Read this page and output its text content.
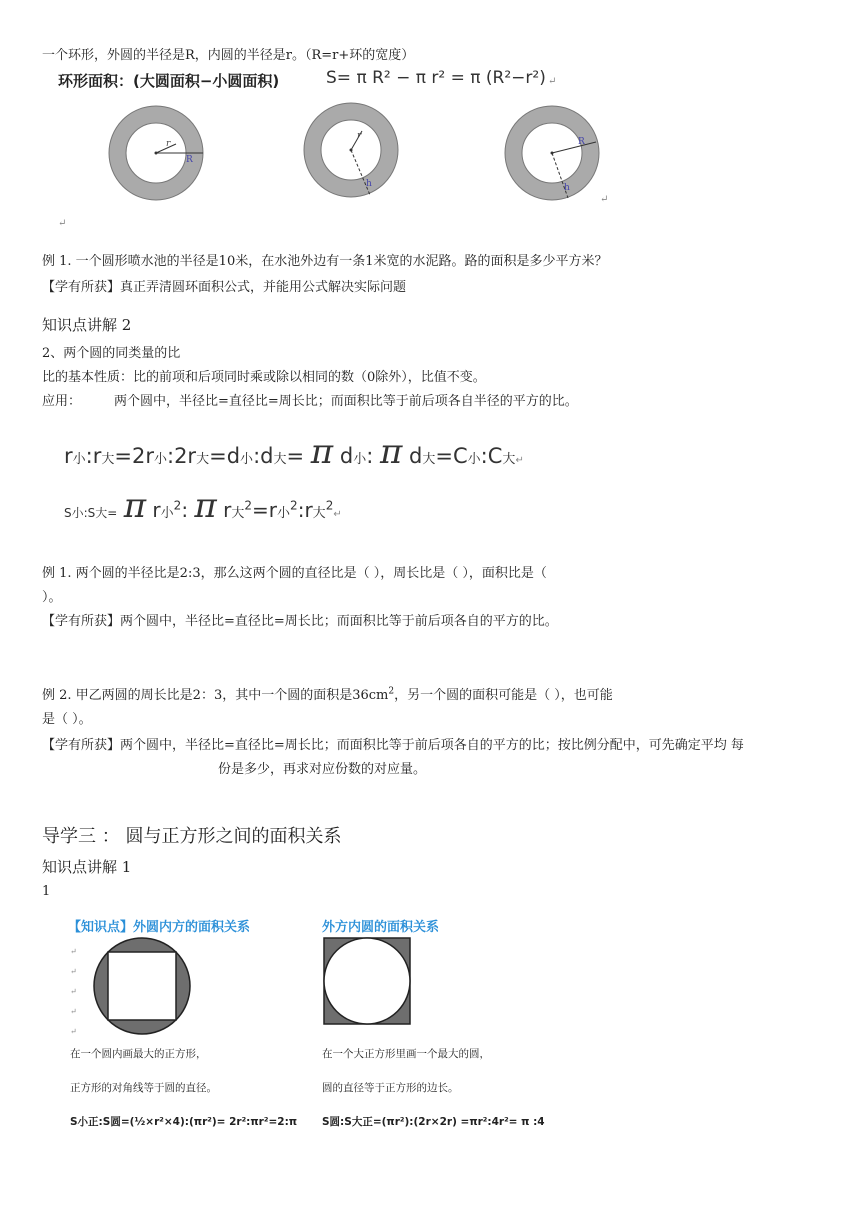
一个环形，外圆的半径是R，内圆的半径是r。（R=r+环的宽度）
环形面积：(大圆面积−小圆面积)	S= π R² − π r² = π (R²−r²) ↵
r
R
r
h
R
h
↵
↵
例 1. 一个圆形喷水池的半径是10米，在水池外边有一条1米宽的水泥路。路的面积是多少平方米？
【学有所获】真正弄清圆环面积公式，并能用公式解决实际问题
知识点讲解 2
2、两个圆的同类量的比
比的基本性质：比的前项和后项同时乘或除以相同的数（0除外），比值不变。
应用：	两个圆中，半径比=直径比=周长比；而面积比等于前后项各自半径的平方的比。
r小:r大=2r小:2r大=d小:d大= π d小: π d大=C小:C大↵
S小:S大= π r小$^2$: π r大$^2$=r小$^2$:r大$^2$↵
例 1. 两个圆的半径比是2:3，那么这两个圆的直径比是（ ），周长比是（ ），面积比是（
）。
【学有所获】两个圆中，半径比=直径比=周长比；而面积比等于前后项各自的平方的比。
例 2. 甲乙两圆的周长比是2：3，其中一个圆的面积是$36cm^2$，另一个圆的面积可能是（ ），也可能
是（ ）。
【学有所获】两个圆中，半径比=直径比=周长比；而面积比等于前后项各自的平方的比；按比例分配中，可先确定平均 每
份是多少，再求对应份数的对应量。
导学三 ： 圆与正方形之间的面积关系
知识点讲解 1
1
【知识点】外圆内方的面积关系	外方内圆的面积关系
↵
↵
↵
↵
↵
在一个圆内画最大的正方形，
正方形的对角线等于圆的直径。
S小正:S圆=(½×r²×4):(πr²)= 2r²:πr²=2:π
在一个大正方形里画一个最大的圆，
圆的直径等于正方形的边长。
S圆:S大正=(πr²):(2r×2r) =πr²:4r²= π :4
